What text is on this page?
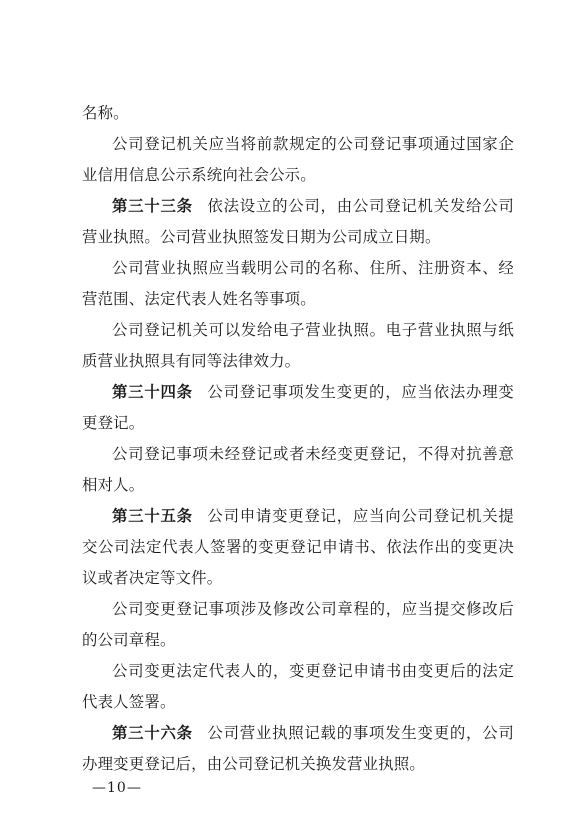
名称。

公司登记机关应当将前款规定的公司登记事项通过国家企业信用信息公示系统向社会公示。

第三十三条 依法设立的公司，由公司登记机关发给公司营业执照。公司营业执照签发日期为公司成立日期。

公司营业执照应当载明公司的名称、住所、注册资本、经营范围、法定代表人姓名等事项。

公司登记机关可以发给电子营业执照。电子营业执照与纸质营业执照具有同等法律效力。

第三十四条 公司登记事项发生变更的，应当依法办理变更登记。

公司登记事项未经登记或者未经变更登记，不得对抗善意相对人。

第三十五条 公司申请变更登记，应当向公司登记机关提交公司法定代表人签署的变更登记申请书、依法作出的变更决议或者决定等文件。

公司变更登记事项涉及修改公司章程的，应当提交修改后的公司章程。

公司变更法定代表人的，变更登记申请书由变更后的法定代表人签署。

第三十六条 公司营业执照记载的事项发生变更的，公司办理变更登记后，由公司登记机关换发营业执照。

—10—
